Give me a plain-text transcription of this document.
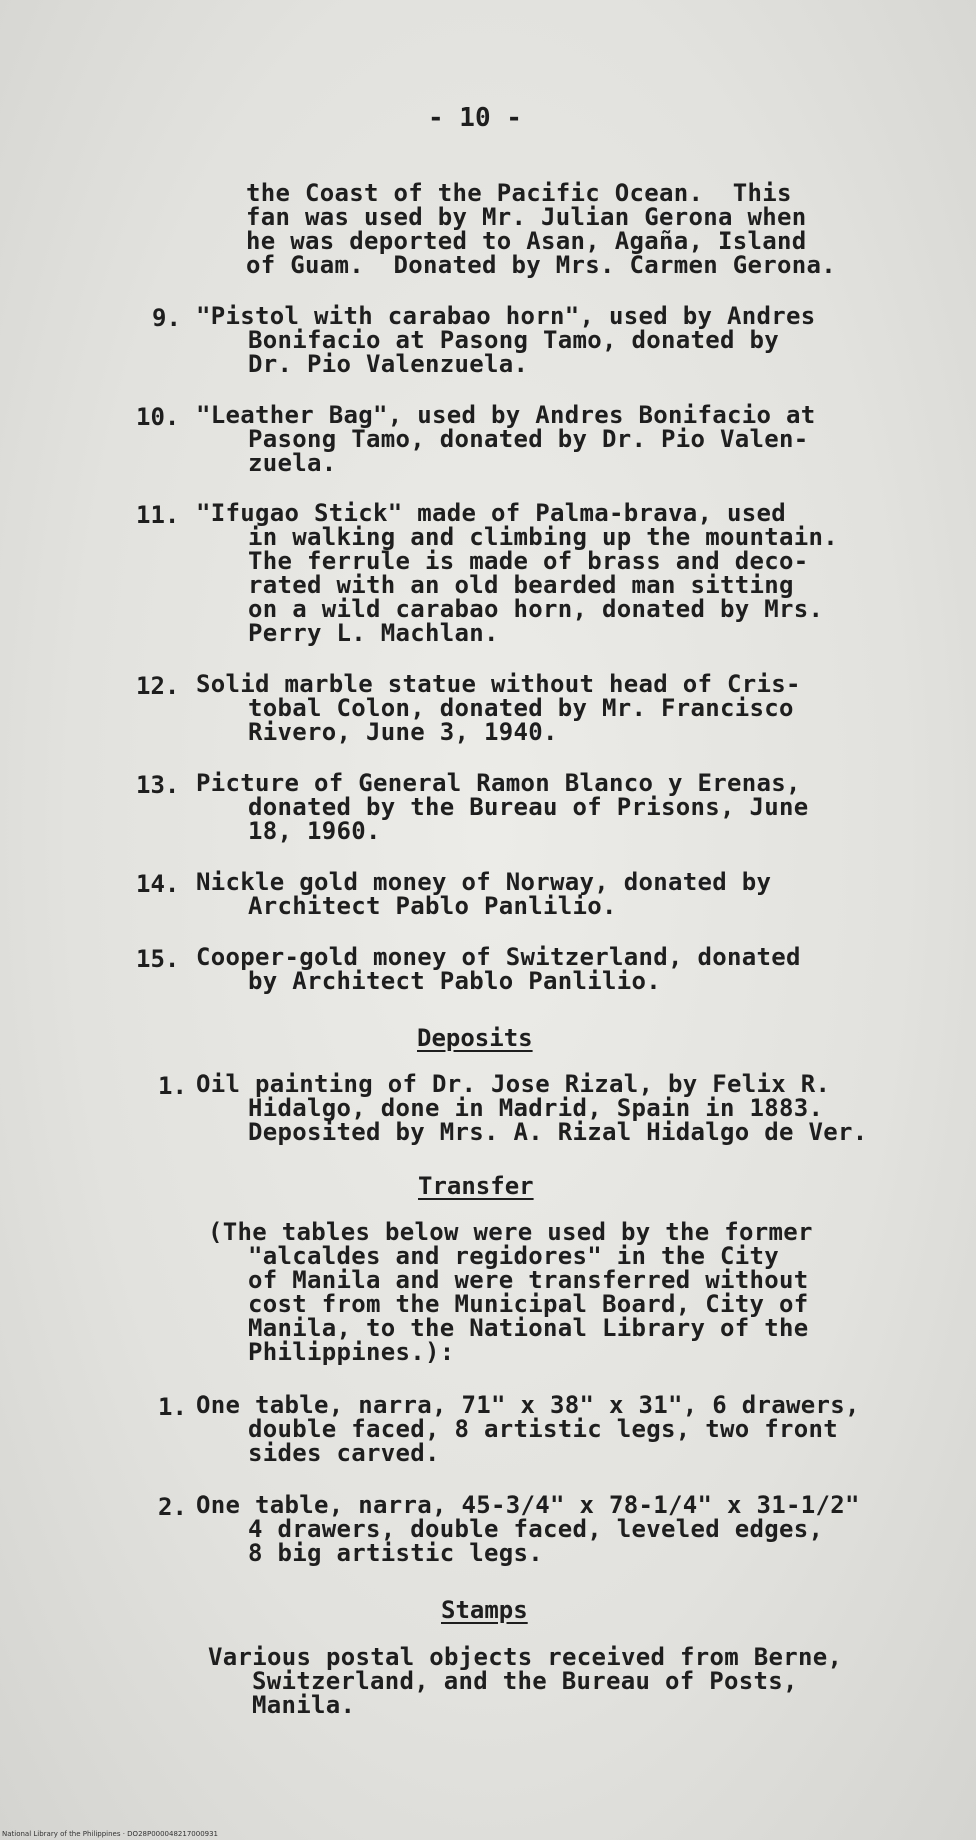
- 10 -
the Coast of the Pacific Ocean.  This
fan was used by Mr. Julian Gerona when
he was deported to Asan, Agaña, Island
of Guam.  Donated by Mrs. Carmen Gerona.
9. "Pistol with carabao horn", used by Andres
Bonifacio at Pasong Tamo, donated by
Dr. Pio Valenzuela.
10. "Leather Bag", used by Andres Bonifacio at
Pasong Tamo, donated by Dr. Pio Valen-
zuela.
11. "Ifugao Stick" made of Palma-brava, used
in walking and climbing up the mountain.
The ferrule is made of brass and deco-
rated with an old bearded man sitting
on a wild carabao horn, donated by Mrs.
Perry L. Machlan.
12. Solid marble statue without head of Cris-
tobal Colon, donated by Mr. Francisco
Rivero, June 3, 1940.
13. Picture of General Ramon Blanco y Erenas,
donated by the Bureau of Prisons, June
18, 1960.
14. Nickle gold money of Norway, donated by
Architect Pablo Panlilio.
15. Cooper-gold money of Switzerland, donated
by Architect Pablo Panlilio.
Deposits
1. Oil painting of Dr. Jose Rizal, by Felix R.
Hidalgo, done in Madrid, Spain in 1883.
Deposited by Mrs. A. Rizal Hidalgo de Ver.
Transfer
(The tables below were used by the former
"alcaldes and regidores" in the City
of Manila and were transferred without
cost from the Municipal Board, City of
Manila, to the National Library of the
Philippines.):
1. One table, narra, 71" x 38" x 31", 6 drawers,
double faced, 8 artistic legs, two front
sides carved.
2. One table, narra, 45-3/4" x 78-1/4" x 31-1/2"
4 drawers, double faced, leveled edges,
8 big artistic legs.
Stamps
Various postal objects received from Berne,
Switzerland, and the Bureau of Posts,
Manila.
National Library of the Philippines · DO28P000048217000931
